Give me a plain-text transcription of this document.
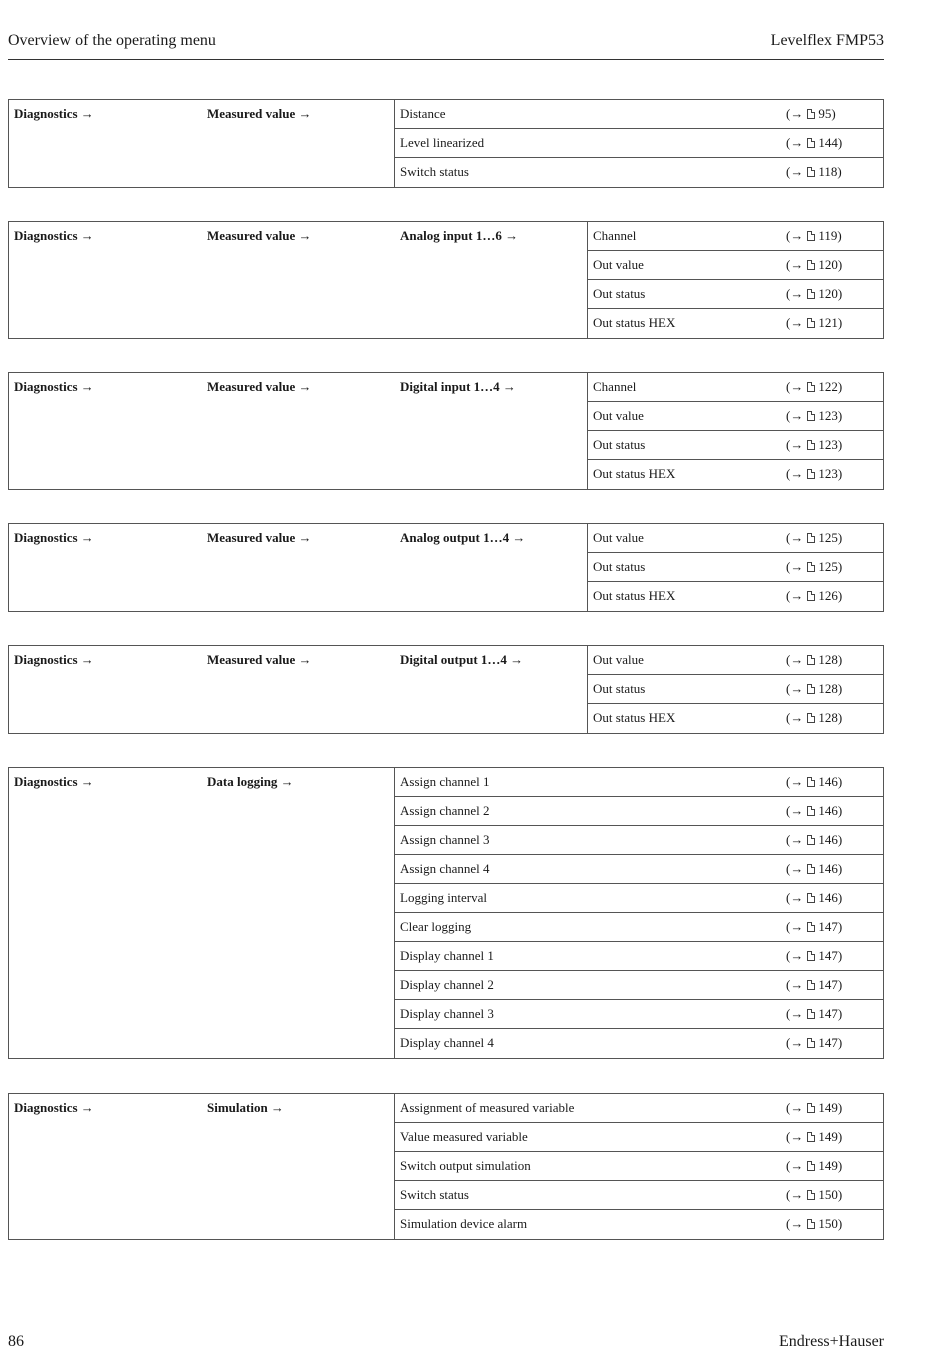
Overview of the operating menu	Levelflex FMP53
Diagnostics →	Measured value →	Distance	(→ 95)
Level linearized	(→ 144)
Switch status	(→ 118)
Diagnostics →	Measured value →	Analog input 1…6 →	Channel	(→ 119)
Out value	(→ 120)
Out status	(→ 120)
Out status HEX	(→ 121)
Diagnostics →	Measured value →	Digital input 1…4 →	Channel	(→ 122)
Out value	(→ 123)
Out status	(→ 123)
Out status HEX	(→ 123)
Diagnostics →	Measured value →	Analog output 1…4 →	Out value	(→ 125)
Out status	(→ 125)
Out status HEX	(→ 126)
Diagnostics →	Measured value →	Digital output 1…4 →	Out value	(→ 128)
Out status	(→ 128)
Out status HEX	(→ 128)
Diagnostics →	Data logging →	Assign channel 1	(→ 146)
Assign channel 2	(→ 146)
Assign channel 3	(→ 146)
Assign channel 4	(→ 146)
Logging interval	(→ 146)
Clear logging	(→ 147)
Display channel 1	(→ 147)
Display channel 2	(→ 147)
Display channel 3	(→ 147)
Display channel 4	(→ 147)
Diagnostics →	Simulation →	Assignment of measured variable	(→ 149)
Value measured variable	(→ 149)
Switch output simulation	(→ 149)
Switch status	(→ 150)
Simulation device alarm	(→ 150)
86	Endress+Hauser
